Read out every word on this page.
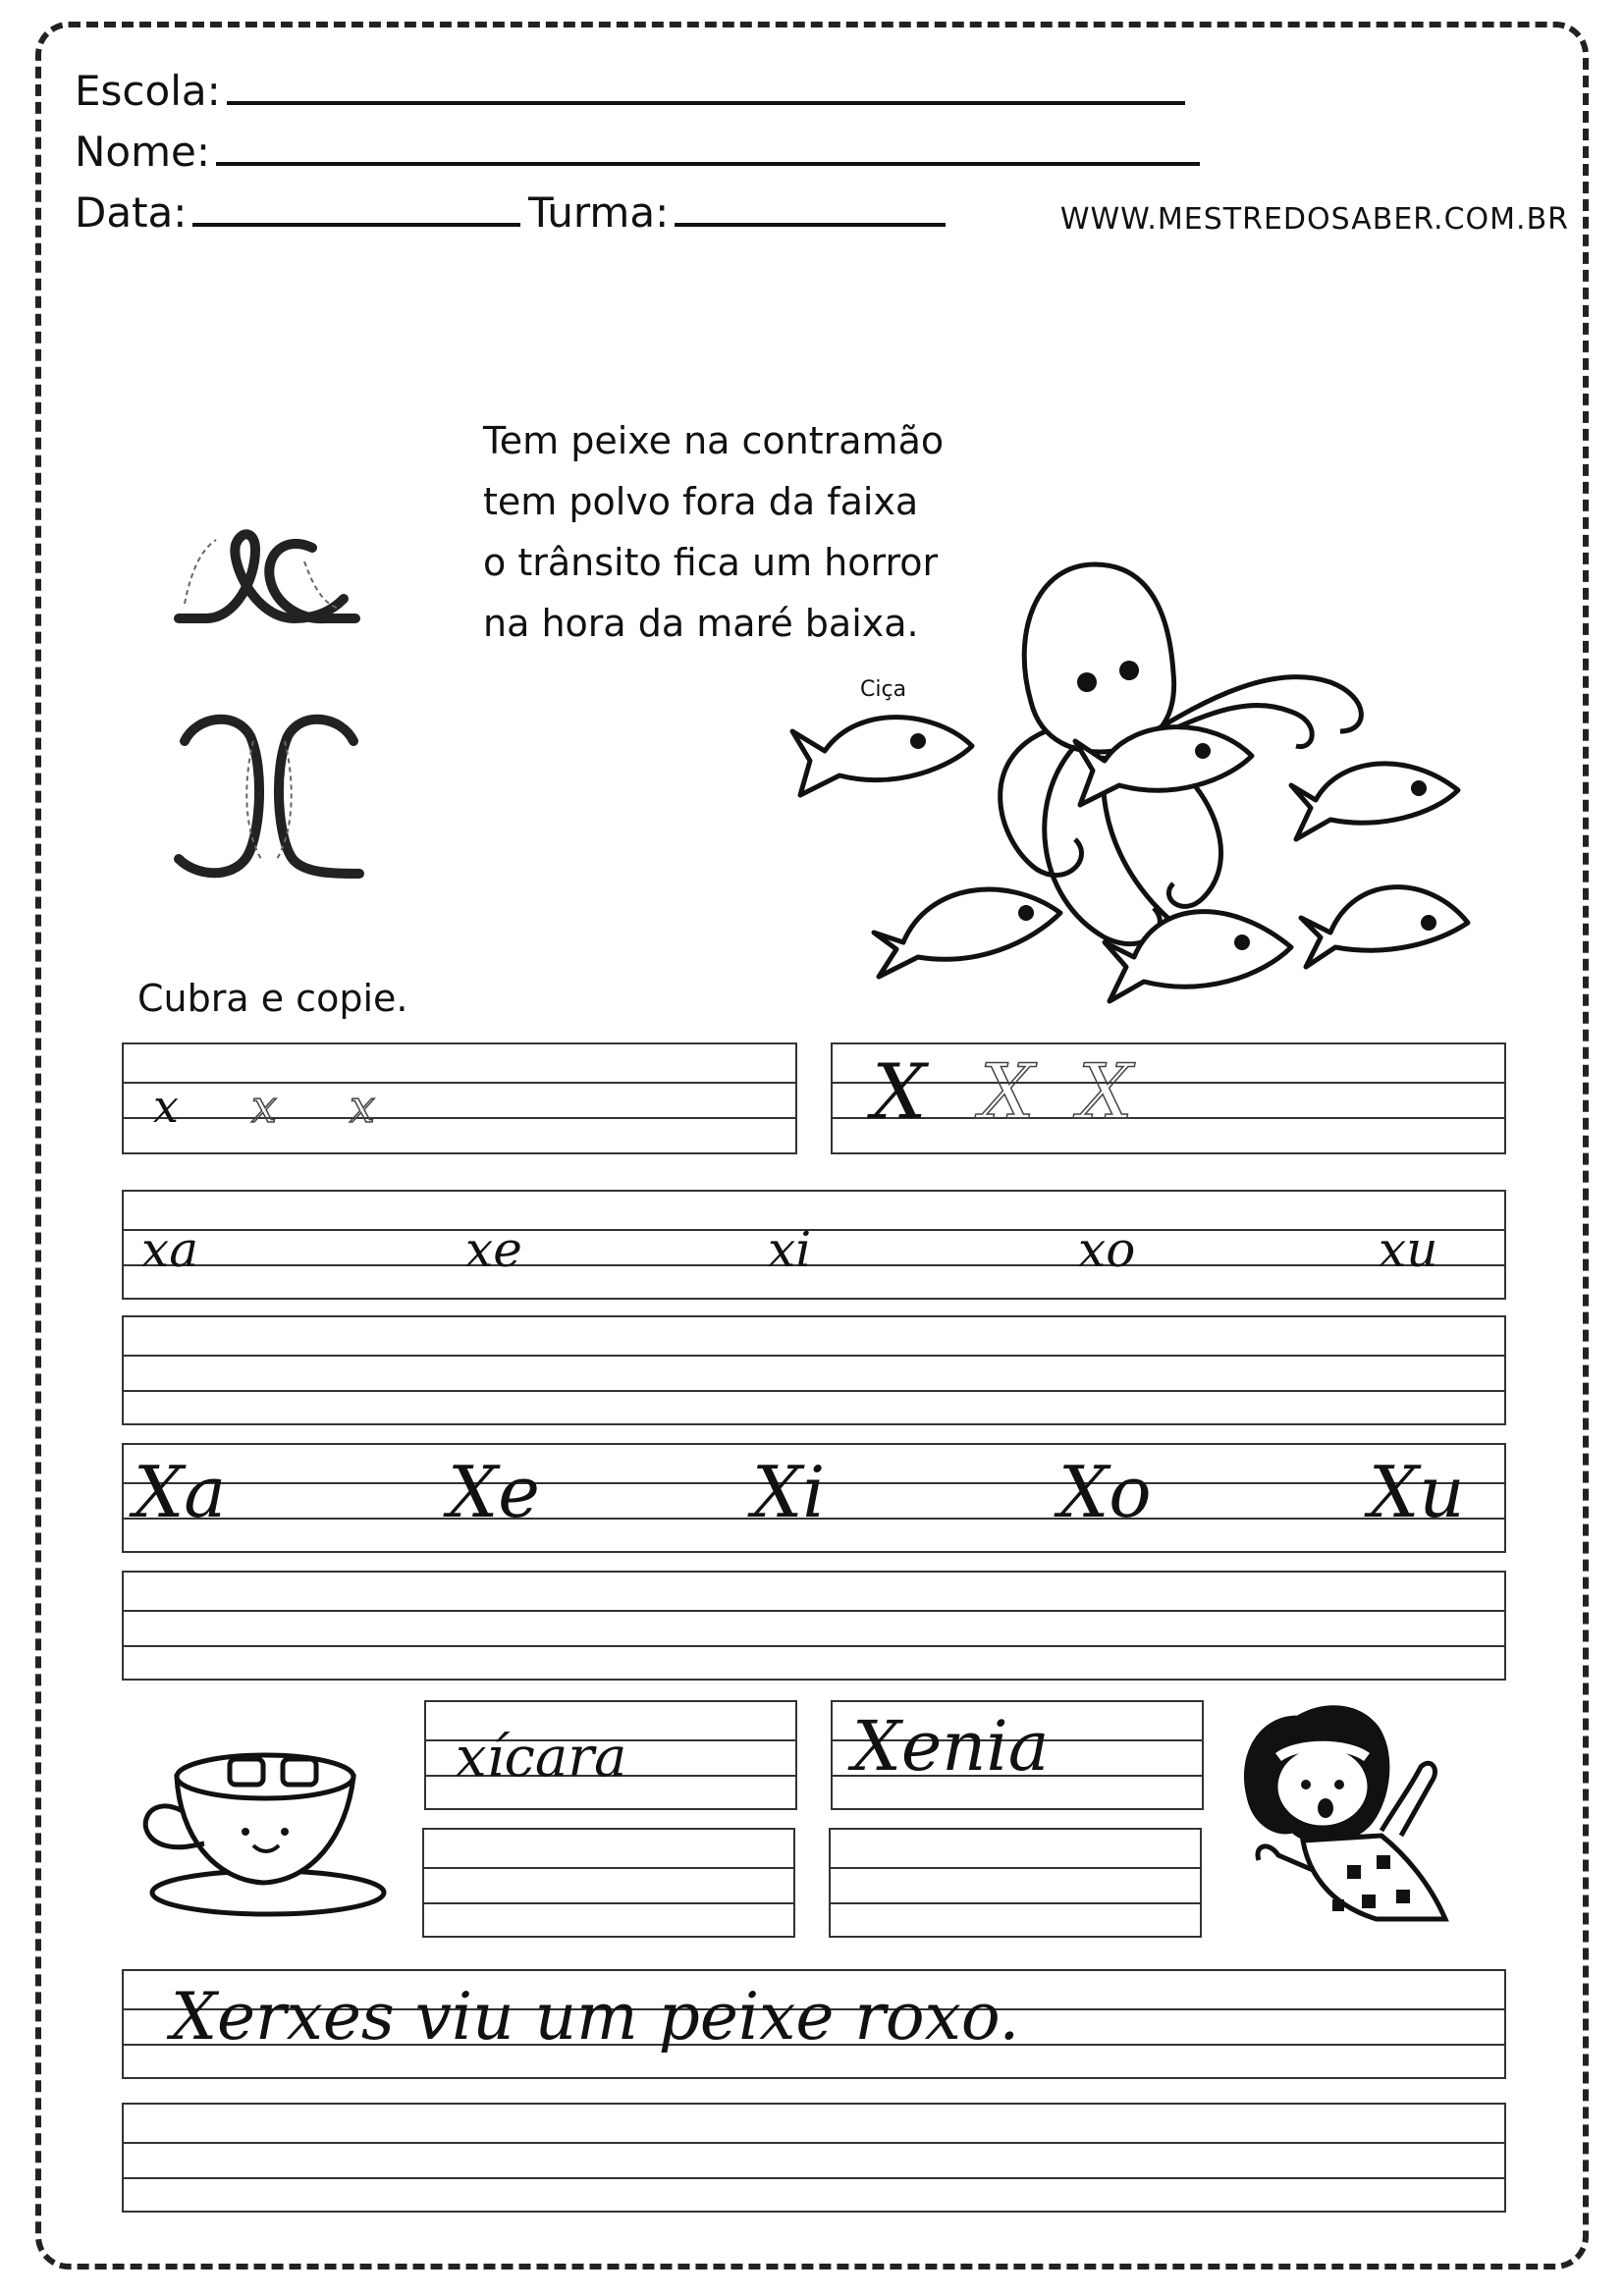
Escola:
Nome:
Data:	Turma:	WWW.MESTREDOSABER.COM.BR

Tem peixe na contramão

tem polvo fora da faixa

o trânsito fica um horror

na hora da maré baixa.

Ciça
Cubra e copie.
x x x	X X X
xa	xe	xi	xo	xu
Xa	Xe	Xi	Xo	Xu
xícara	Xenia
Xerxes viu um peixe roxo.
